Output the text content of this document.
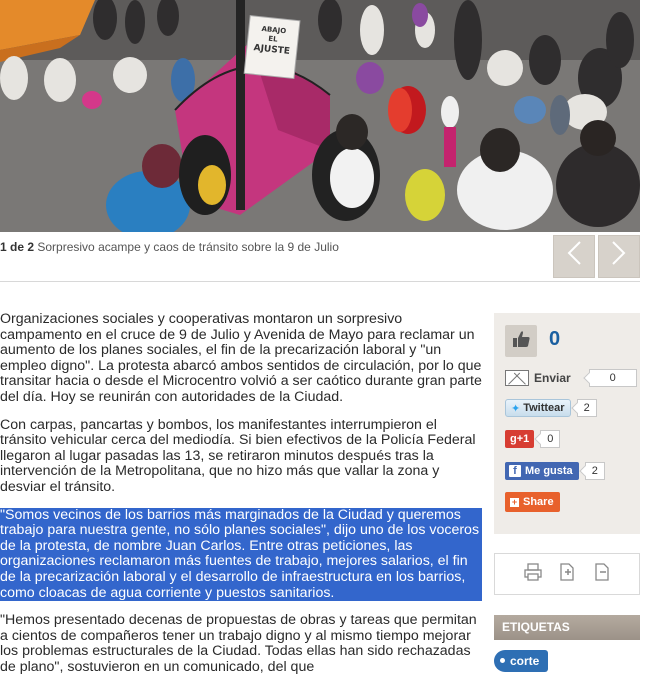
ABAJO
EL
AJUSTE
1 de 2 Sorpresivo acampe y caos de tránsito sobre la 9 de Julio

Organizaciones sociales y cooperativas montaron un sorpresivo campamento en el cruce de 9 de Julio y Avenida de Mayo para reclamar un aumento de los planes sociales, el fin de la precarización laboral y "un empleo digno". La protesta abarcó ambos sentidos de circulación, por lo que transitar hacia o desde el Microcentro volvió a ser caótico durante gran parte del día. Hoy se reunirán con autoridades de la Ciudad.

Con carpas, pancartas y bombos, los manifestantes interrumpieron el tránsito vehicular cerca del mediodía. Si bien efectivos de la Policía Federal llegaron al lugar pasadas las 13, se retiraron minutos después tras la intervención de la Metropolitana, que no hizo más que vallar la zona y desviar el tránsito.

"Somos vecinos de los barrios más marginados de la Ciudad y queremos trabajo para nuestra gente, no sólo planes sociales", dijo uno de los voceros de la protesta, de nombre Juan Carlos. Entre otras peticiones, las organizaciones reclamaron más fuentes de trabajo, mejores salarios, el fin de la precarización laboral y el desarrollo de infraestructura en los barrios, como cloacas de agua corriente y puestos sanitarios.

"Hemos presentado decenas de propuestas de obras y tareas que permitan a cientos de compañeros tener un trabajo digno y al mismo tiempo mejorar los problemas estructurales de la Ciudad. Todas ellas han sido rechazadas de plano", sostuvieron en un comunicado, del que

0
Enviar	0
✦ Twittear	2
g+1	0
f Me gusta	2
+ Share
ETIQUETAS
corte
